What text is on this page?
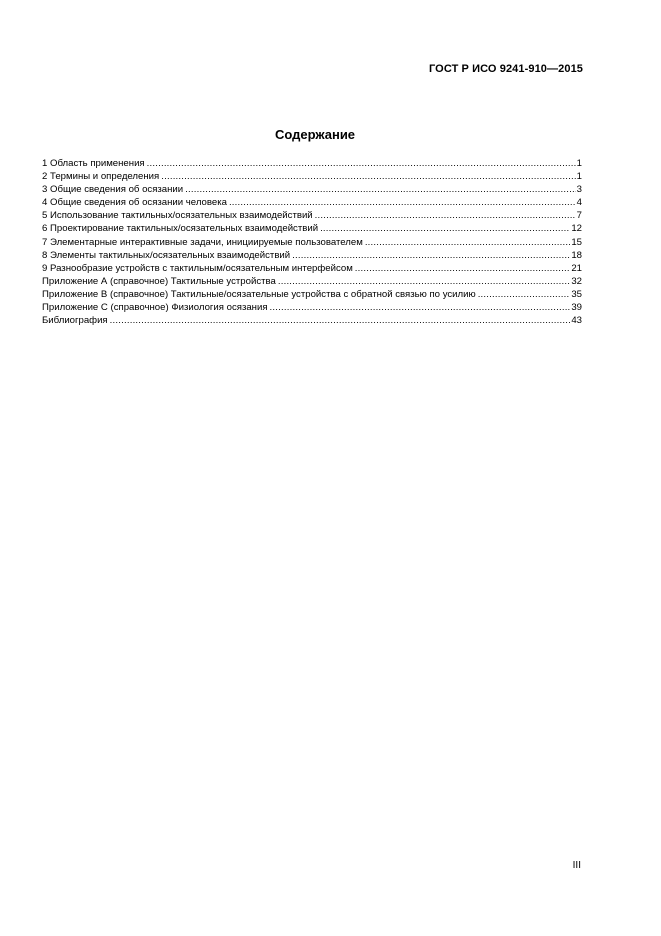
ГОСТ Р ИСО 9241-910—2015
Содержание
1 Область применения .....	1
2 Термины и определения .....	1
3 Общие сведения об осязании .....	3
4 Общие сведения об осязании человека .....	4
5 Использование тактильных/осязательных взаимодействий .....	7
6 Проектирование тактильных/осязательных взаимодействий .....	12
7 Элементарные интерактивные задачи, инициируемые пользователем .....	15
8 Элементы тактильных/осязательных взаимодействий .....	18
9 Разнообразие устройств с тактильным/осязательным интерфейсом .....	21
Приложение А (справочное) Тактильные устройства .....	32
Приложение В (справочное) Тактильные/осязательные устройства с обратной связью по усилию .....	35
Приложение С (справочное) Физиология осязания .....	39
Библиография .....	43
III
